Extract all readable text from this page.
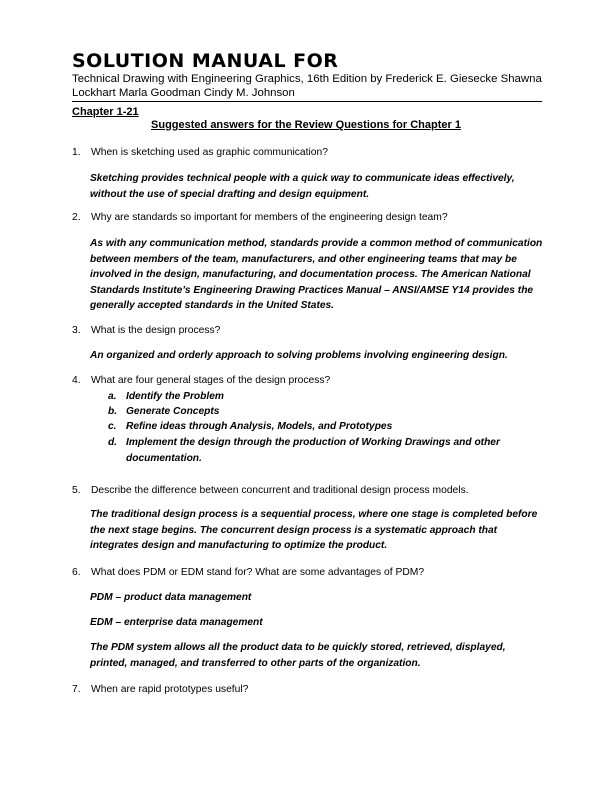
SOLUTION MANUAL FOR
Technical Drawing with Engineering Graphics, 16th Edition by Frederick E. Giesecke Shawna Lockhart Marla Goodman Cindy M. Johnson
Chapter 1-21
Suggested answers for the Review Questions for Chapter 1
1. When is sketching used as graphic communication?
Sketching provides technical people with a quick way to communicate ideas effectively, without the use of special drafting and design equipment.
2. Why are standards so important for members of the engineering design team?
As with any communication method, standards provide a common method of communication between members of the team, manufacturers, and other engineering teams that may be involved in the design, manufacturing, and documentation process. The American National Standards Institute’s Engineering Drawing Practices Manual – ANSI/AMSE Y14 provides the generally accepted standards in the United States.
3. What is the design process?
An organized and orderly approach to solving problems involving engineering design.
4. What are four general stages of the design process?
a. Identify the Problem
b. Generate Concepts
c. Refine ideas through Analysis, Models, and Prototypes
d. Implement the design through the production of Working Drawings and other documentation.
5. Describe the difference between concurrent and traditional design process models.
The traditional design process is a sequential process, where one stage is completed before the next stage begins. The concurrent design process is a systematic approach that integrates design and manufacturing to optimize the product.
6. What does PDM or EDM stand for? What are some advantages of PDM?
PDM – product data management
EDM – enterprise data management
The PDM system allows all the product data to be quickly stored, retrieved, displayed, printed, managed, and transferred to other parts of the organization.
7. When are rapid prototypes useful?
